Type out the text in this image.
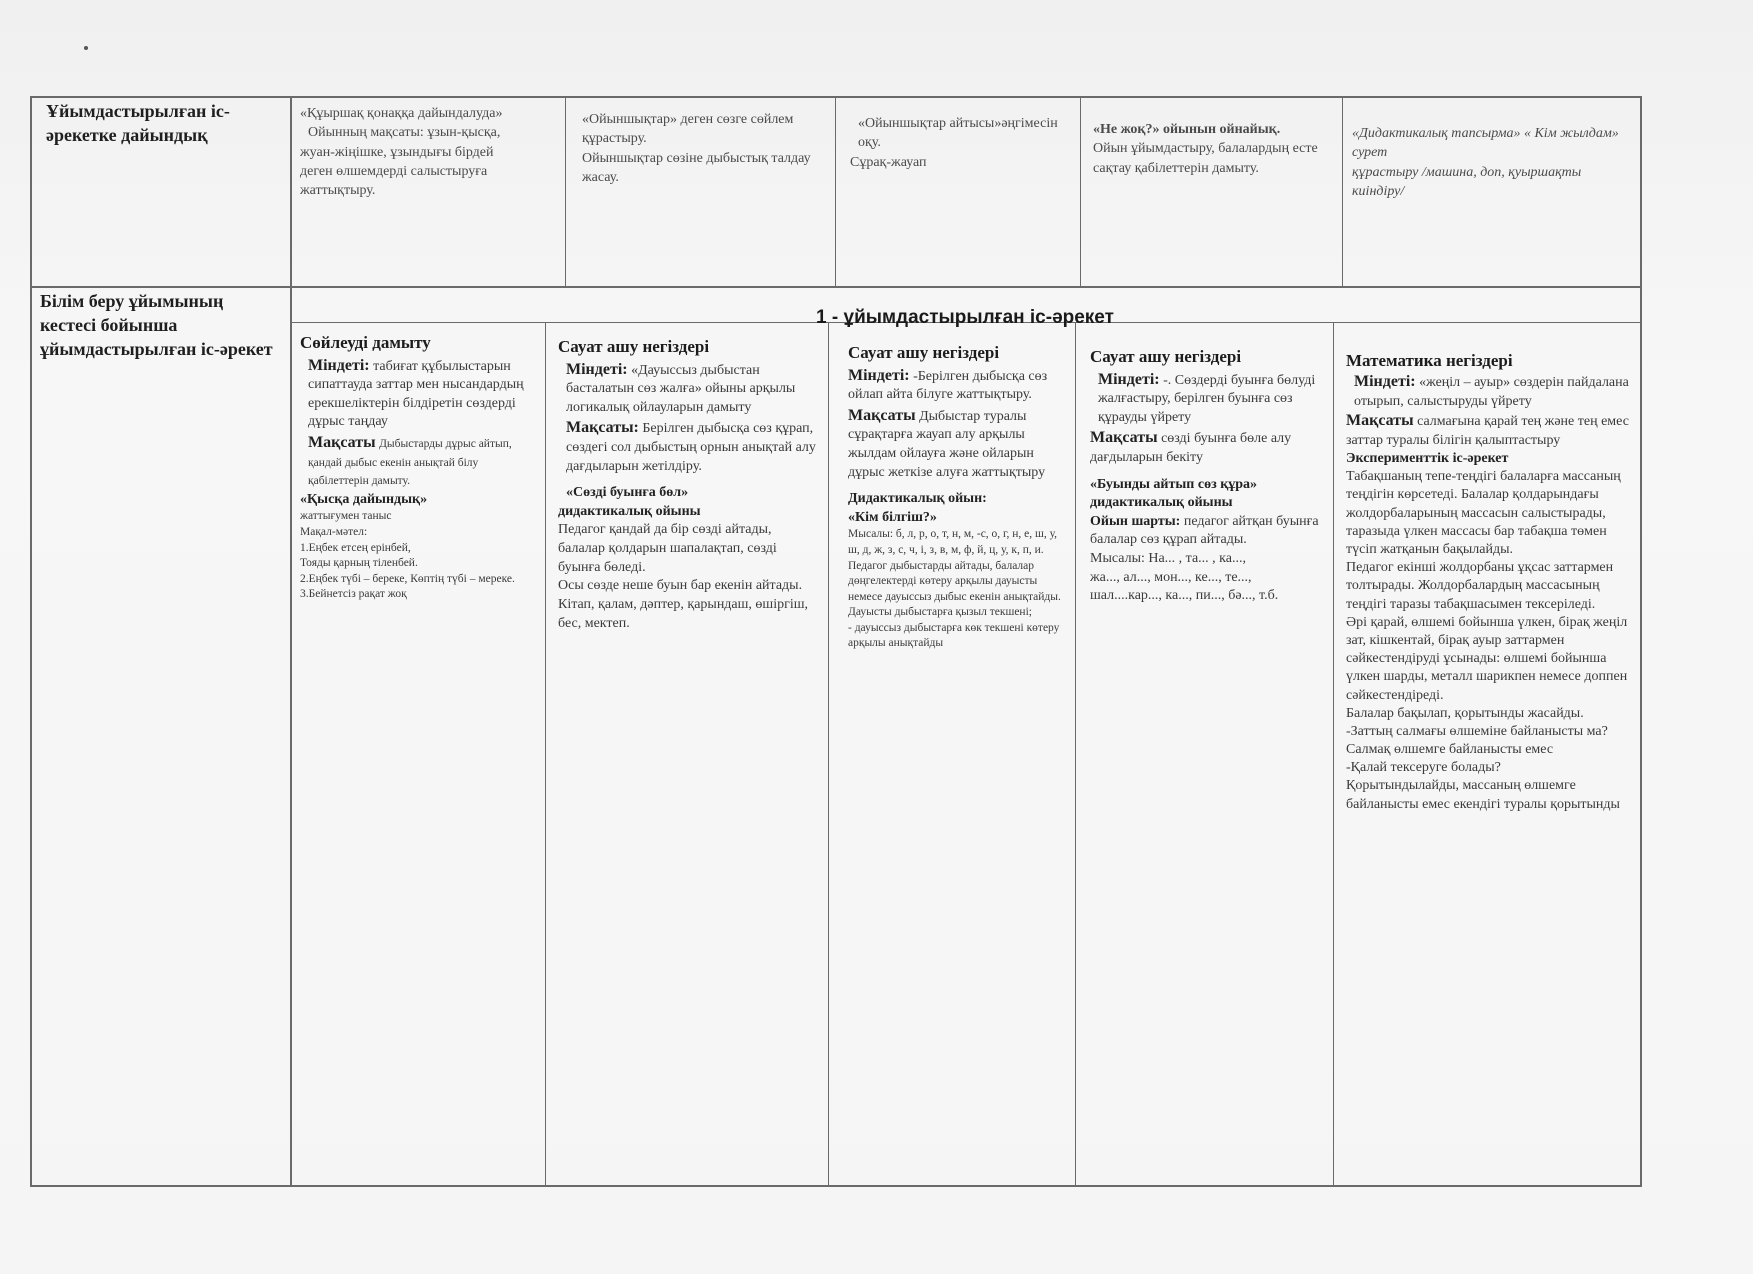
Ұйымдастырылған іс-әрекетке дайындық
Білім беру ұйымының кестесі бойынша ұйымдастырылған іс-әрекет
«Құыршақ қонаққа дайындалуда»
Ойынның мақсаты: ұзын-қысқа,
жуан-жіңішке, ұзындығы бірдей деген өлшемдерді салыстыруға жаттықтыру.
«Ойыншықтар» деген сөзге сөйлем құрастыру.
Ойыншықтар сөзіне дыбыстық талдау жасау.
«Ойыншықтар айтысы»әңгімесін оқу.
Сұрақ-жауап
«Не жоқ?» ойынын ойнайық.
Ойын ұйымдастыру, балалардың есте сақтау қабілеттерін дамыту.
«Дидактикалық тапсырма» « Кім жылдам» сурет
құрастыру /машина, доп, қуыршақты киіндіру/
1 - ұйымдастырылған іс-әрекет
Сөйлеуді дамыту

Міндеті: табиғат құбылыстарын сипаттауда заттар мен нысандардың ерекшеліктерін білдіретін сөздерді дұрыс таңдау

Мақсаты Дыбыстарды дұрыс айтып, қандай дыбыс екенін анықтай білу қабілеттерін дамыту.

«Қысқа дайындық»

жаттығумен таныс

Мақал-мәтел:

1.Еңбек етсең ерінбей,

Тояды қарның тіленбей.

2.Еңбек түбі – береке, Көптің түбі – мереке.

3.Бейнетсіз рақат жоқ

Сауат ашу негіздері

Міндеті: «Дауыссыз дыбыстан басталатын сөз жалға» ойыны арқылы логикалық ойлауларын дамыту

Мақсаты: Берілген дыбысқа сөз құрап, сөздегі сол дыбыстың орнын анықтай алу дағдыларын жетілдіру.

«Сөзді буынға бөл»

дидактикалық ойыны

Педагог қандай да бір сөзді айтады, балалар қолдарын шапалақтап, сөзді буынға бөледі.

Осы сөзде неше буын бар екенін айтады.

Кітап, қалам, дәптер, қарындаш, өшіргіш, бес, мектеп.

Сауат ашу негіздері

Міндеті: -Берілген дыбысқа сөз ойлап айта білуге жаттықтыру.

Мақсаты Дыбыстар туралы сұрақтарға жауап алу арқылы жылдам ойлауға және ойларын дұрыс жеткізе алуға жаттықтыру

Дидактикалық ойын:

«Кім білгіш?»

Мысалы: б, л, р, о, т, н, м, -с, о, г, н, е, ш, у, ш, д, ж, з, с, ч, і, з, в, м, ф, й, ц, у, к, п, и.

Педагог дыбыстарды айтады, балалар дөңгелектерді көтеру арқылы дауысты немесе дауыссыз дыбыс екенін анықтайды. Дауысты дыбыстарға қызыл текшені;

- дауыссыз дыбыстарға көк текшені көтеру арқылы анықтайды

Сауат ашу негіздері

Міндеті: -. Сөздерді буынға бөлуді жалғастыру, берілген буынға сөз құрауды үйрету

Мақсаты сөзді буынға бөле алу дағдыларын бекіту

«Буынды айтып сөз құра»

дидактикалық ойыны

Ойын шарты: педагог айтқан буынға балалар сөз құрап айтады.

Мысалы: На... , та... , ка...,

жа..., ал..., мон..., ке..., те...,

шал....кар..., ка..., пи..., бә..., т.б.

Математика негіздері

Міндеті: «жеңіл – ауыр» сөздерін пайдалана отырып, салыстыруды үйрету

Мақсаты салмағына қарай тең және тең емес заттар туралы білігін қалыптастыру

Эксперименттік іс-әрекет

Табақшаның тепе-теңдігі балаларға массаның теңдігін көрсетеді. Балалар қолдарындағы жолдорбаларының массасын салыстырады, таразыда үлкен массасы бар табақша төмен түсіп жатқанын бақылайды.

Педагог екінші жолдорбаны ұқсас заттармен толтырады. Жолдорбалардың массасының теңдігі таразы табақшасымен тексеріледі.

Әрі қарай, өлшемі бойынша үлкен, бірақ жеңіл зат, кішкентай, бірақ ауыр заттармен сәйкестендіруді ұсынады: өлшемі бойынша үлкен шарды, металл шарикпен немесе доппен сәйкестендіреді.

Балалар бақылап, қорытынды жасайды.

-Заттың салмағы өлшеміне байланысты ма?

Салмақ өлшемге байланысты емес

-Қалай тексеруге болады?

Қорытындылайды, массаның өлшемге байланысты емес екендігі туралы қорытынды
